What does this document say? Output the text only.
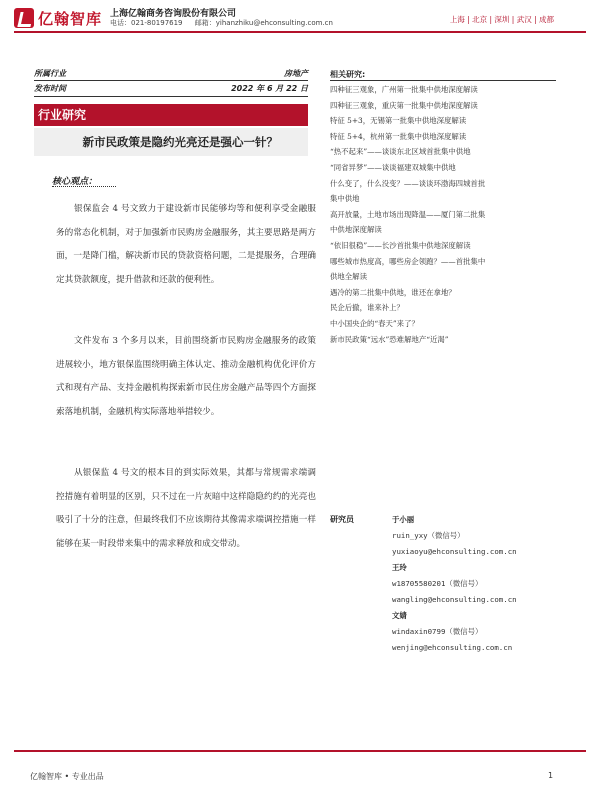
亿翰智库 上海亿翰商务咨询股份有限公司
电话：021-80197619 邮箱：yihanzhiku@ehconsulting.com.cn	上海 | 北京 | 深圳 | 武汉 | 成都
所属行业	房地产
发布时间	2022 年 6 月 22 日
行业研究
新市民政策是隐约光亮还是强心一针？
核心观点：
银保监会 4 号文致力于建设新市民能够均等和便利享受金融服务的常态化机制，对于加强新市民购房金融服务，其主要思路是两方面，一是降门槛，解决新市民的贷款资格问题，二是提服务，合理确定其贷款额度，提升借款和还款的便利性。
文件发布 3 个多月以来，目前围绕新市民购房金融服务的政策进展较小，地方银保监围绕明确主体认定、推动金融机构优化评价方式和现有产品、支持金融机构探索新市民住房金融产品等四个方面探索落地机制，金融机构实际落地举措较少。
从银保监 4 号文的根本目的到实际效果，其都与常规需求端调控措施有着明显的区别，只不过在一片灰暗中这样隐隐约约的光亮也吸引了十分的注意，但最终我们不应该期待其像需求端调控措施一样能够在某一时段带来集中的需求释放和成交带动。
相关研究:
四种征三观象，广州第一批集中供地深度解读
四种征三观象，重庆第一批集中供地深度解读
特征 5+3，无锡第一批集中供地深度解读
特征 5+4，杭州第一批集中供地深度解读
“热不起来”——谈谈东北区域首批集中供地
“同省异梦”——谈谈福建双城集中供地
什么变了，什么没变？——谈谈环渤海四城首批
集中供地
高开放量，土地市场出现降温——厦门第二批集
中供地深度解读
“依旧很稳”——长沙首批集中供地深度解读
哪些城市热度高，哪些房企领跑？——首批集中
供地全解读
遇冷的第二批集中供地，谁还在拿地？
民企后撤，谁来补上？
中小国央企的“春天”来了？
新市民政策“远水”恐难解地产“近渴”
研究员	于小丽
ruin_yxy（微信号）
yuxiaoyu@ehconsulting.com.cn
王玲
w18705580201（微信号）
wangling@ehconsulting.com.cn
文婧
windaxin0799（微信号）
wenjing@ehconsulting.com.cn
亿翰智库 • 专业出品	1
